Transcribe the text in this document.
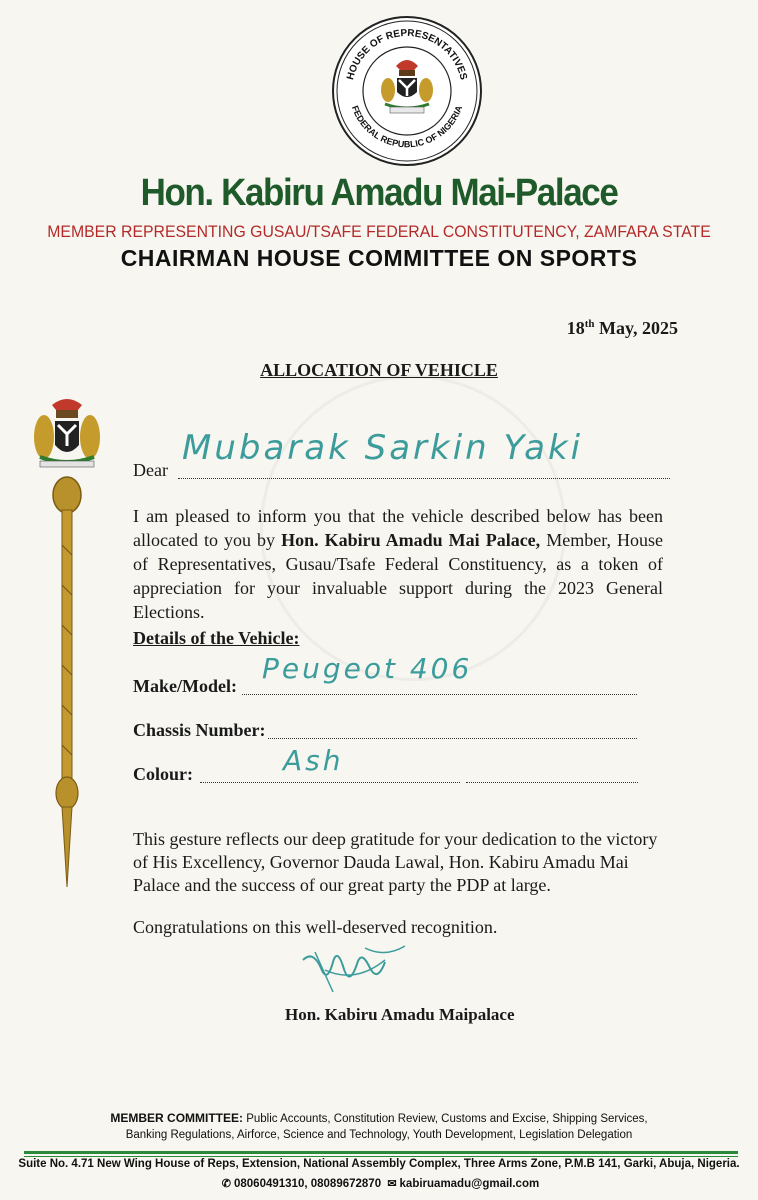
HOUSE OF REPRESENTATIVES
FEDERAL REPUBLIC OF NIGERIA
Hon. Kabiru Amadu Mai-Palace
MEMBER REPRESENTING GUSAU/TSAFE FEDERAL CONSTITUTENCY, ZAMFARA STATE
CHAIRMAN HOUSE COMMITTEE ON SPORTS
18th May, 2025
ALLOCATION OF VEHICLE
Dear
Mubarak Sarkin Yaki
I am pleased to inform you that the vehicle described below has been allocated to you by Hon. Kabiru Amadu Mai Palace, Member, House of Representatives, Gusau/Tsafe Federal Constituency, as a token of appreciation for your invaluable support during the 2023 General Elections.
Details of the Vehicle:
Make/Model:
Peugeot 406
Chassis Number:
Colour:	Ash
This gesture reflects our deep gratitude for your dedication to the victory of His Excellency, Governor Dauda Lawal, Hon. Kabiru Amadu Mai Palace and the success of our great party the PDP at large.
Congratulations on this well-deserved recognition.
Hon. Kabiru Amadu Maipalace
MEMBER COMMITTEE: Public Accounts, Constitution Review, Customs and Excise, Shipping Services,
Banking Regulations, Airforce, Science and Technology, Youth Development, Legislation Delegation
Suite No. 4.71 New Wing House of Reps, Extension, National Assembly Complex, Three Arms Zone, P.M.B 141, Garki, Abuja, Nigeria.
✆ 08060491310, 08089672870 ✉ kabiruamadu@gmail.com
